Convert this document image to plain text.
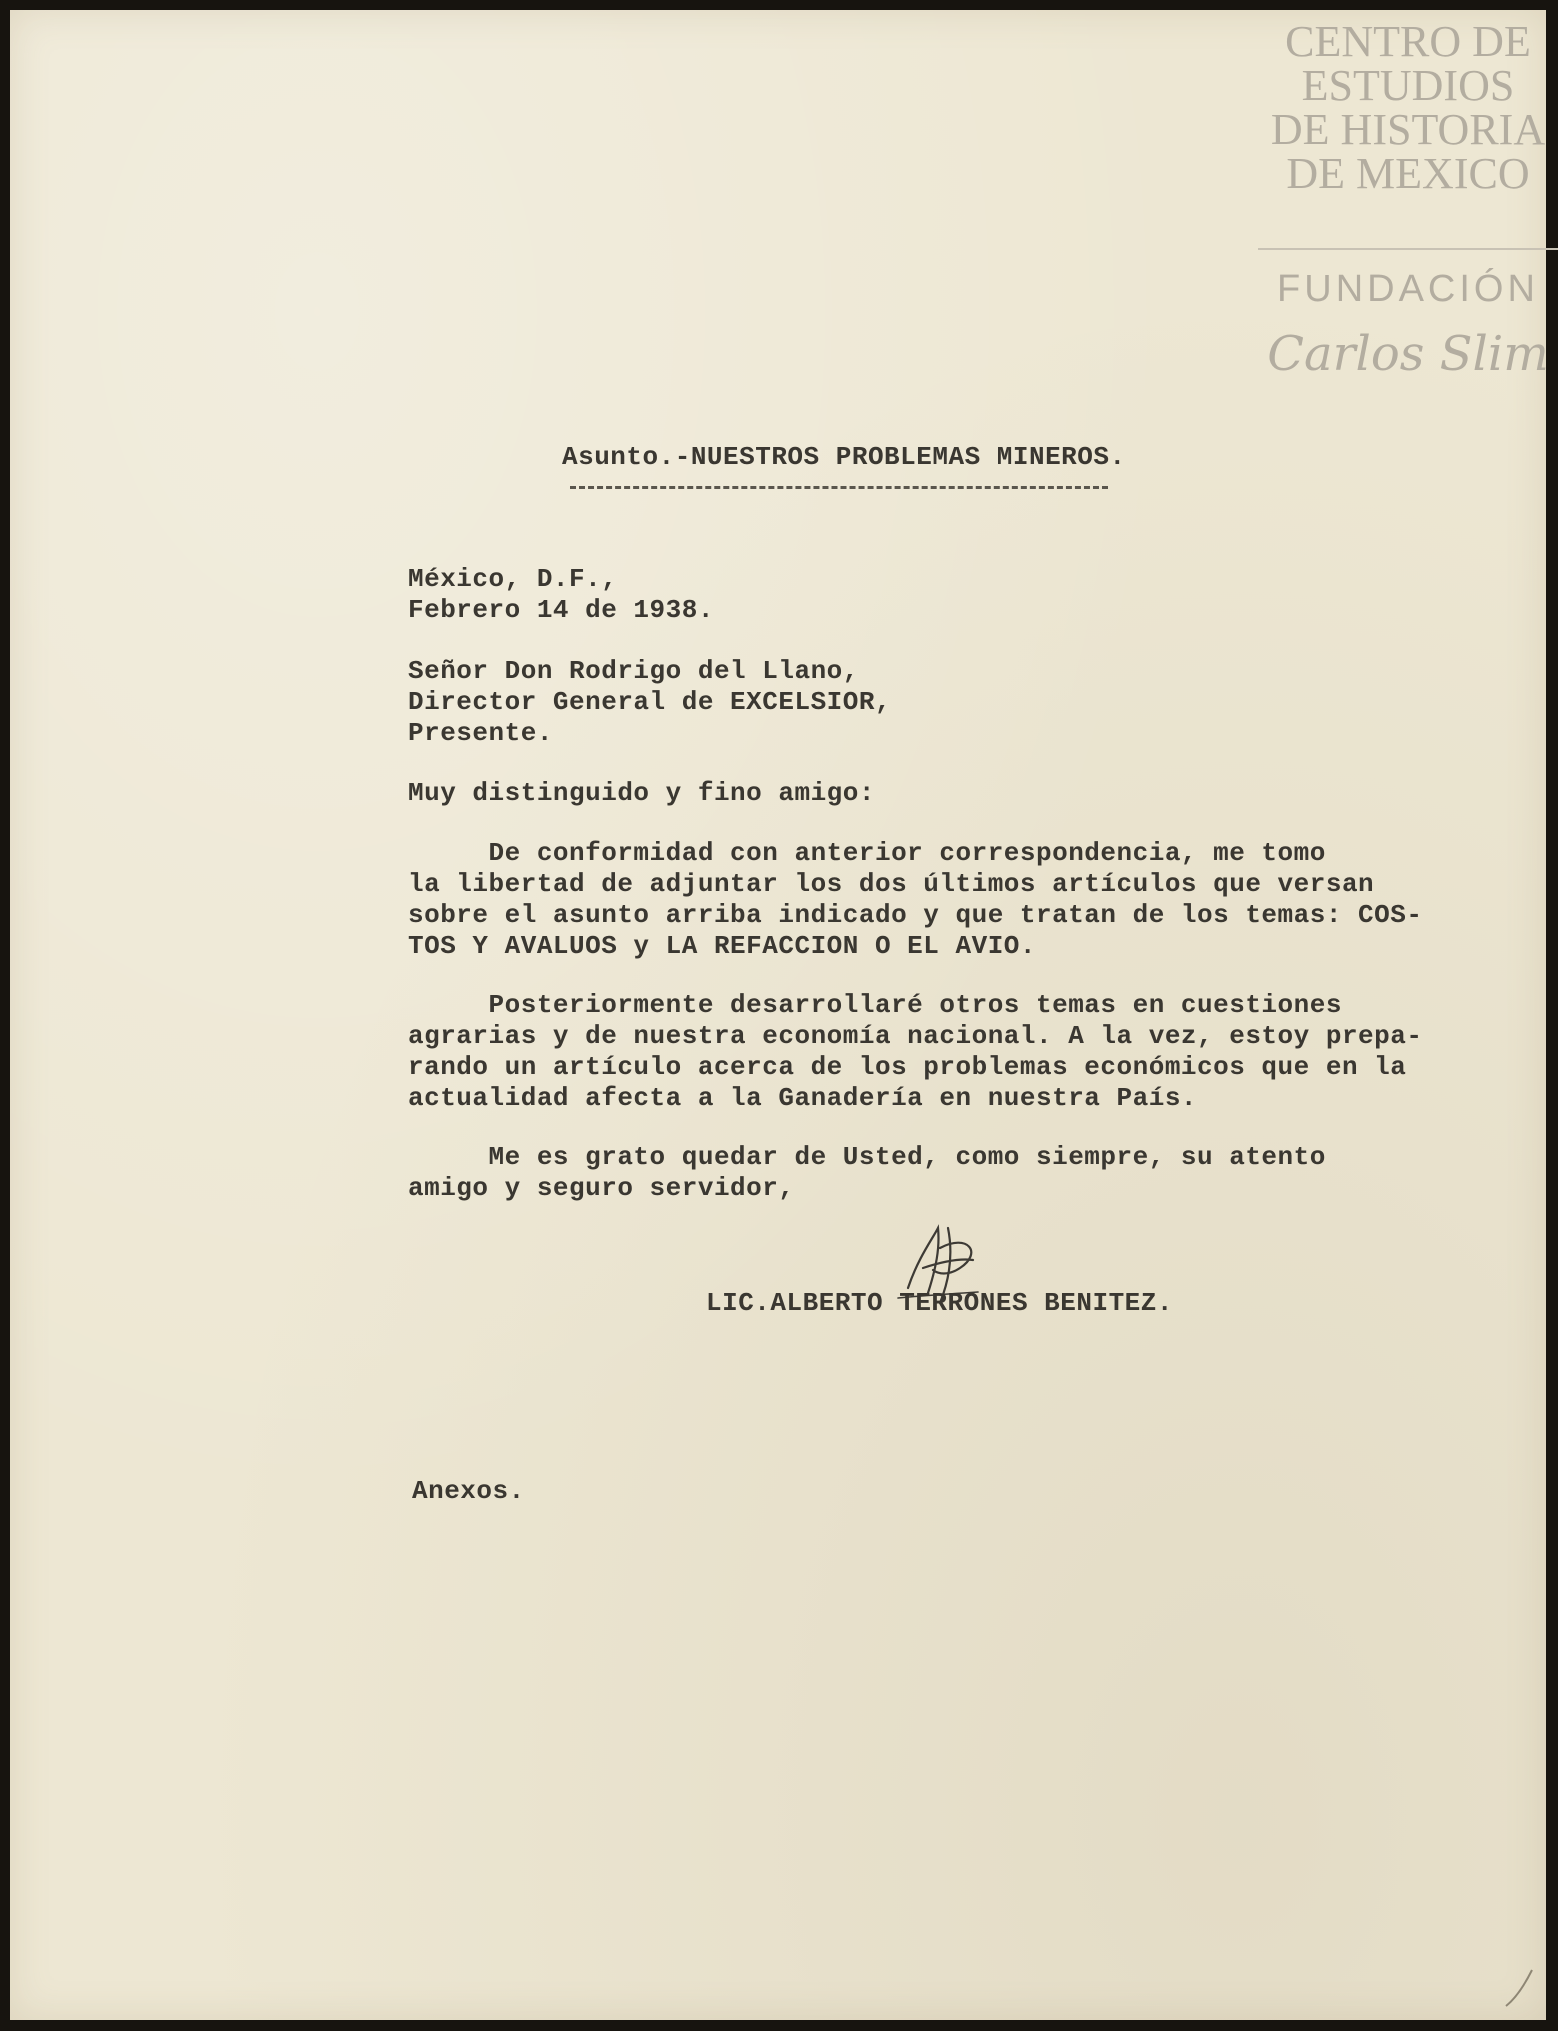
CENTRO DE
ESTUDIOS
DE HISTORIA
DE MEXICO
FUNDACIÓN
Carlos Slim
Asunto.-NUESTROS PROBLEMAS MINEROS.
México, D.F.,
Febrero 14 de 1938.
Señor Don Rodrigo del Llano,
Director General de EXCELSIOR,
Presente.
Muy distinguido y fino amigo:
De conformidad con anterior correspondencia, me tomo
la libertad de adjuntar los dos últimos artículos que versan
sobre el asunto arriba indicado y que tratan de los temas: COS-
TOS Y AVALUOS y LA REFACCION O EL AVIO.
Posteriormente desarrollaré otros temas en cuestiones
agrarias y de nuestra economía nacional. A la vez, estoy prepa-
rando un artículo acerca de los problemas económicos que en la
actualidad afecta a la Ganadería en nuestra País.
Me es grato quedar de Usted, como siempre, su atento
amigo y seguro servidor,
LIC.ALBERTO TERRONES BENITEZ.
Anexos.
